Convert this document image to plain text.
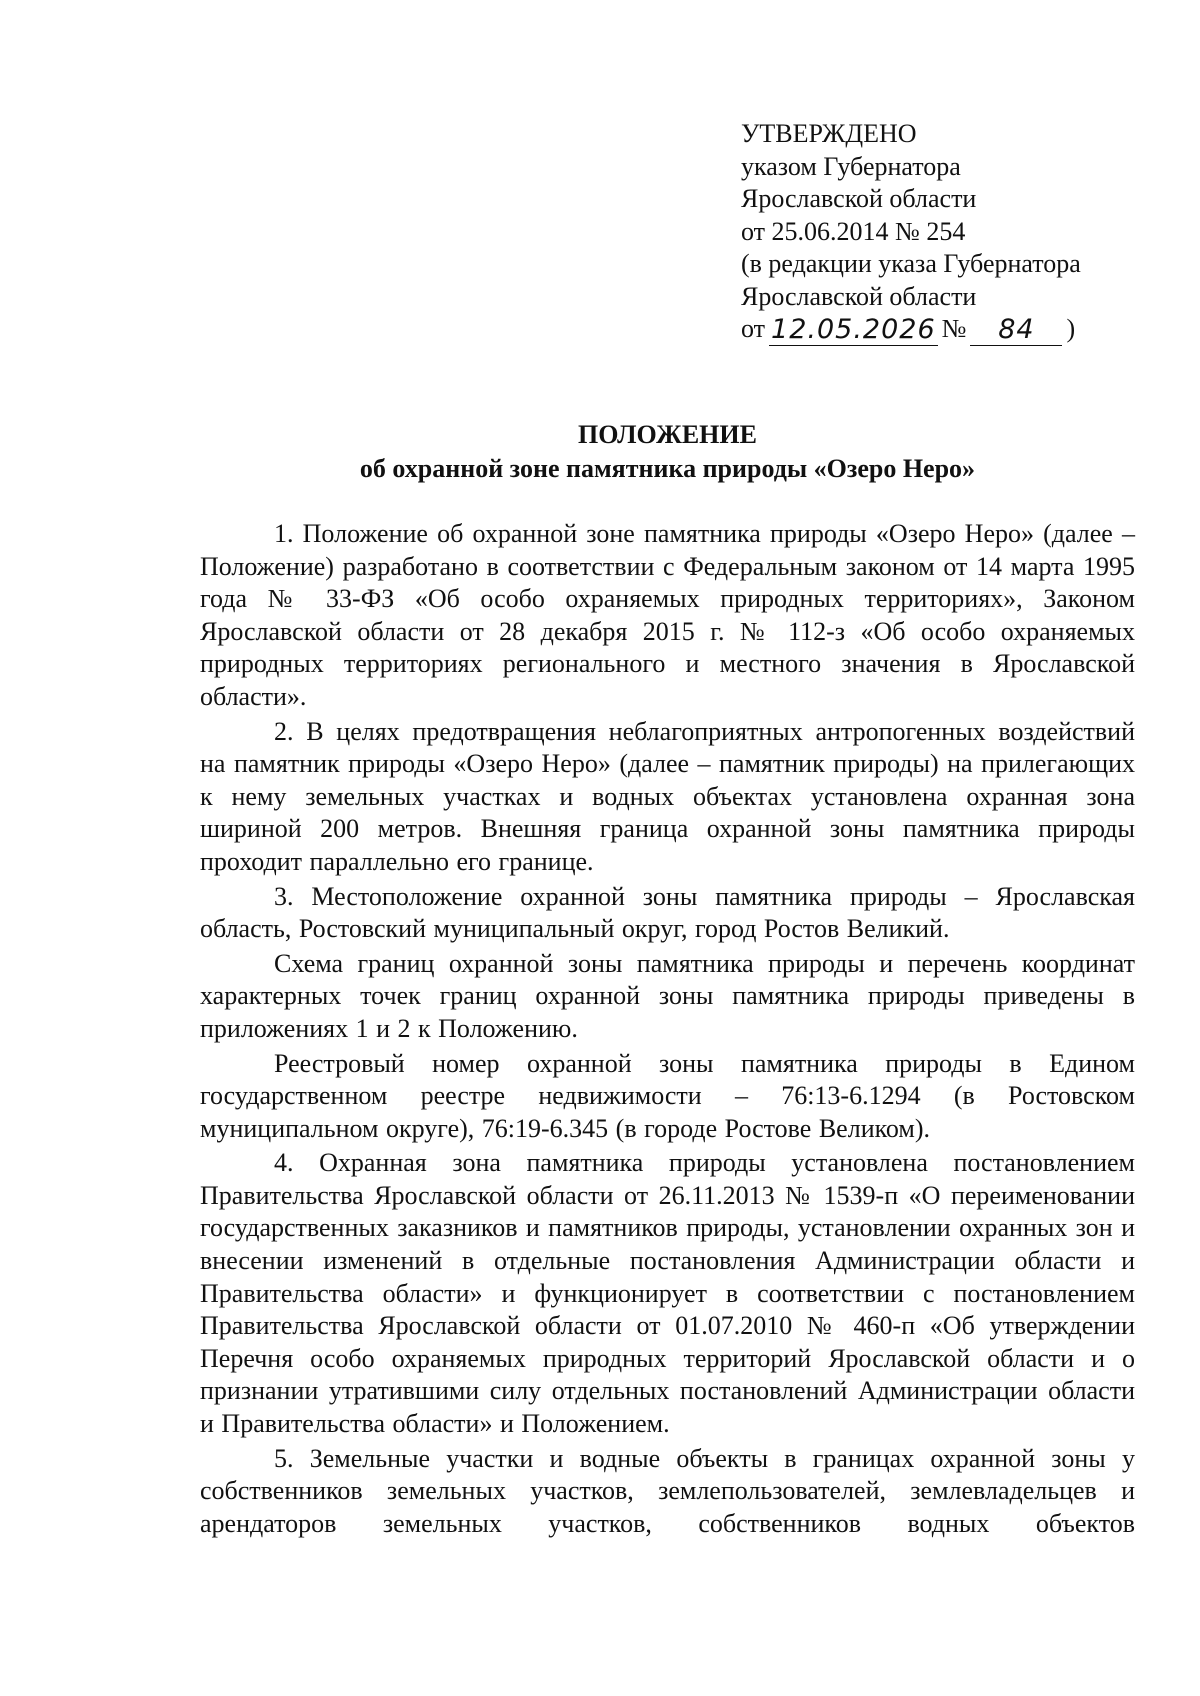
УТВЕРЖДЕНО
указом Губернатора
Ярославской области
от 25.06.2014 № 254
(в редакции указа Губернатора
Ярославской области
от 12.05.2026 №	84	)
ПОЛОЖЕНИЕ
об охранной зоне памятника природы «Озеро Неро»

1. Положение об охранной зоне памятника природы «Озеро Неро» (далее – Положение) разработано в соответствии с Федеральным законом от 14 марта 1995 года № 33-ФЗ «Об особо охраняемых природных территориях», Законом Ярославской области от 28 декабря 2015 г. № 112-з «Об особо охраняемых природных территориях регионального и местного значения в Ярославской области».

2. В целях предотвращения неблагоприятных антропогенных воздействий на памятник природы «Озеро Неро» (далее – памятник природы) на прилегающих к нему земельных участках и водных объектах установлена охранная зона шириной 200 метров. Внешняя граница охранной зоны памятника природы проходит параллельно его границе.

3. Местоположение охранной зоны памятника природы – Ярославская область, Ростовский муниципальный округ, город Ростов Великий.

Схема границ охранной зоны памятника природы и перечень координат характерных точек границ охранной зоны памятника природы приведены в приложениях 1 и 2 к Положению.

Реестровый номер охранной зоны памятника природы в Едином государственном реестре недвижимости – 76:13-6.1294 (в Ростовском муниципальном округе), 76:19-6.345 (в городе Ростове Великом).

4. Охранная зона памятника природы установлена постановлением Правительства Ярославской области от 26.11.2013 № 1539-п «О переименовании государственных заказников и памятников природы, установлении охранных зон и внесении изменений в отдельные постановления Администрации области и Правительства области» и функционирует в соответствии с постановлением Правительства Ярославской области от 01.07.2010 № 460-п «Об утверждении Перечня особо охраняемых природных территорий Ярославской области и о признании утратившими силу отдельных постановлений Администрации области и Правительства области» и Положением.

5. Земельные участки и водные объекты в границах охранной зоны у собственников земельных участков, землепользователей, землевладельцев и арендаторов земельных участков, собственников водных объектов
